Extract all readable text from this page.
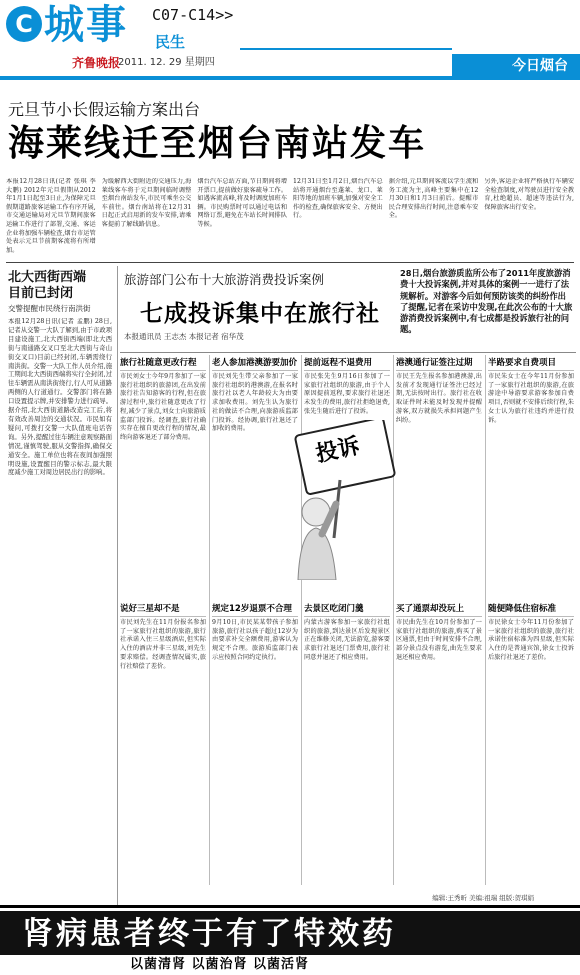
C 城事 C07-C14>>
民生
齐鲁晚报
2011. 12. 29 星期四	今日烟台
元旦节小长假运输方案出台
海莱线迁至烟台南站发车
本报12月28日讯(记者 张琪 李大鹏) 2012年元旦假期从2012年1月1日起至3日止,为保障元旦假期道路旅客运输工作有序开展,市交通运输局对元旦节期间旅客运输工作进行了部署,交通、客运企业将加强车辆检查,烟台市运管处表示元旦节前期客流将有所增加。
为缓解西大街附近的交通压力,海莱线客车将于元旦期间临时调整至烟台南站发车,市民可乘坐公交车前往。烟台南站将在12月31日起正式启用新的发车安排,请乘客提前了解线路信息。
烟台汽车总站方面,节日期间将增开票口,提前做好旅客疏导工作。如遇客流高峰,将及时调度加班车辆。市民购票时可以通过电话和网络订票,避免在车站长时间排队等候。
12月31日至1月2日,烟台汽车总站将开通烟台至蓬莱、龙口、莱阳等地的加班车辆,加强对安全工作的检查,确保旅客安全、方便出行。
据介绍,元旦期间客流以学生流和务工流为主,高峰主要集中在12月30日和1月3日前后。提醒市民合理安排出行时间,注意乘车安全。
另外,客运企业将严格执行车辆安全检查制度,对驾驶员进行安全教育,杜绝超员、超速等违法行为,保障旅客出行安全。
北大西街西端
目前已封闭
交警提醒市民绕行南洪街
本报12月28日讯(记者 孟鹏) 28日,记者从交警一大队了解到,由于市政项目建设施工,北大西街西端(即北大西街与南通路交叉口至北大西街与奇山街交叉口)目前已经封闭,车辆需绕行南洪街。交警一大队工作人员介绍,施工期间北大西街西端将实行全封闭,过往车辆需从南洪街绕行,行人可从道路两侧的人行道通行。交警部门将在路口设置提示牌,并安排警力进行疏导。据介绍,北大西街道路改造完工后,将有效改善周边的交通状况。市民如有疑问,可拨打交警一大队值班电话咨询。另外,提醒过往车辆注意观察路面情况,谨慎驾驶,服从交警指挥,确保交通安全。施工单位也将在夜间加强照明设施,设置醒目的警示标志,最大限度减少施工对周边居民出行的影响。
旅游部门公布十大旅游消费投诉案例
七成投诉集中在旅行社
本报通讯员 王志杰 本报记者 宿华茂
28日,烟台旅游质监所公布了2011年度旅游消费十大投诉案例,并对具体的案例一一进行了法规解析。对游客今后如何预防该类的纠纷作出了提醒,记者在采访中发现,在此次公布的十大旅游消费投诉案例中,有七成都是投诉旅行社的问题。
旅行社随意更改行程
市民刘女士今年9月参加了一家旅行社组织的旅游团,在出发前旅行社告知游客的行程,但在旅游过程中,旅行社随意更改了行程,减少了景点,刘女士向旅游质监部门投诉。经调查,旅行社确实存在擅自更改行程的情况,最终向游客退还了部分费用。
老人参加港澳游要加价
市民刘先生带父亲参加了一家旅行社组织的港澳游,在报名时旅行社以老人年龄较大为由要求加收费用。刘先生认为旅行社的做法不合理,向旅游质监部门投诉。经协调,旅行社退还了加收的费用。
提前返程不退费用
市民张先生9月16日参加了一家旅行社组织的旅游,由于个人原因提前返程,要求旅行社退还未发生的费用,旅行社拒绝退费,张先生随后进行了投诉。
港澳通行证签注过期
市民王先生报名参加港澳游,出发前才发现通行证签注已经过期,无法按时出行。旅行社在收取证件时未能及时发现并提醒游客,双方就损失承担问题产生纠纷。
半路要求自费项目
市民朱女士在今年11月份参加了一家旅行社组织的旅游,在旅游途中导游要求游客参加自费项目,否则就不安排后续行程,朱女士认为旅行社违约并进行投诉。
说好三星却不是
市民刘先生在11月份报名参加了一家旅行社组织的旅游,旅行社承诺入住三星级酒店,但实际入住的酒店并非三星级,刘先生要求赔偿。经调查情况属实,旅行社赔偿了差价。
规定12岁退票不合理
9月10日,市民某某带孩子参加旅游,旅行社以孩子超过12岁为由要求补交全额费用,游客认为规定不合理。旅游质监部门表示应按照合同约定执行。
去景区吃闭门羹
内蒙古游客参加一家旅行社组织的旅游,到达景区后发现景区正在维修关闭,无法游览,游客要求旅行社退还门票费用,旅行社同意并退还了相应费用。
买了通票却没玩上
市民曲先生在10月份参加了一家旅行社组织的旅游,购买了景区通票,但由于时间安排不合理,部分景点没有游览,曲先生要求退还相应费用。
随便降低住宿标准
市民徐女士今年11月份参加了一家旅行社组织的旅游,旅行社承诺住宿标准为四星级,但实际入住的是普通宾馆,徐女士投诉后旅行社退还了差价。
投诉
编辑:王秀昕 美编:祖瑞 组版:贺琪娟
肾病患者终于有了特效药
以菌清肾 以菌治肾 以菌活肾
